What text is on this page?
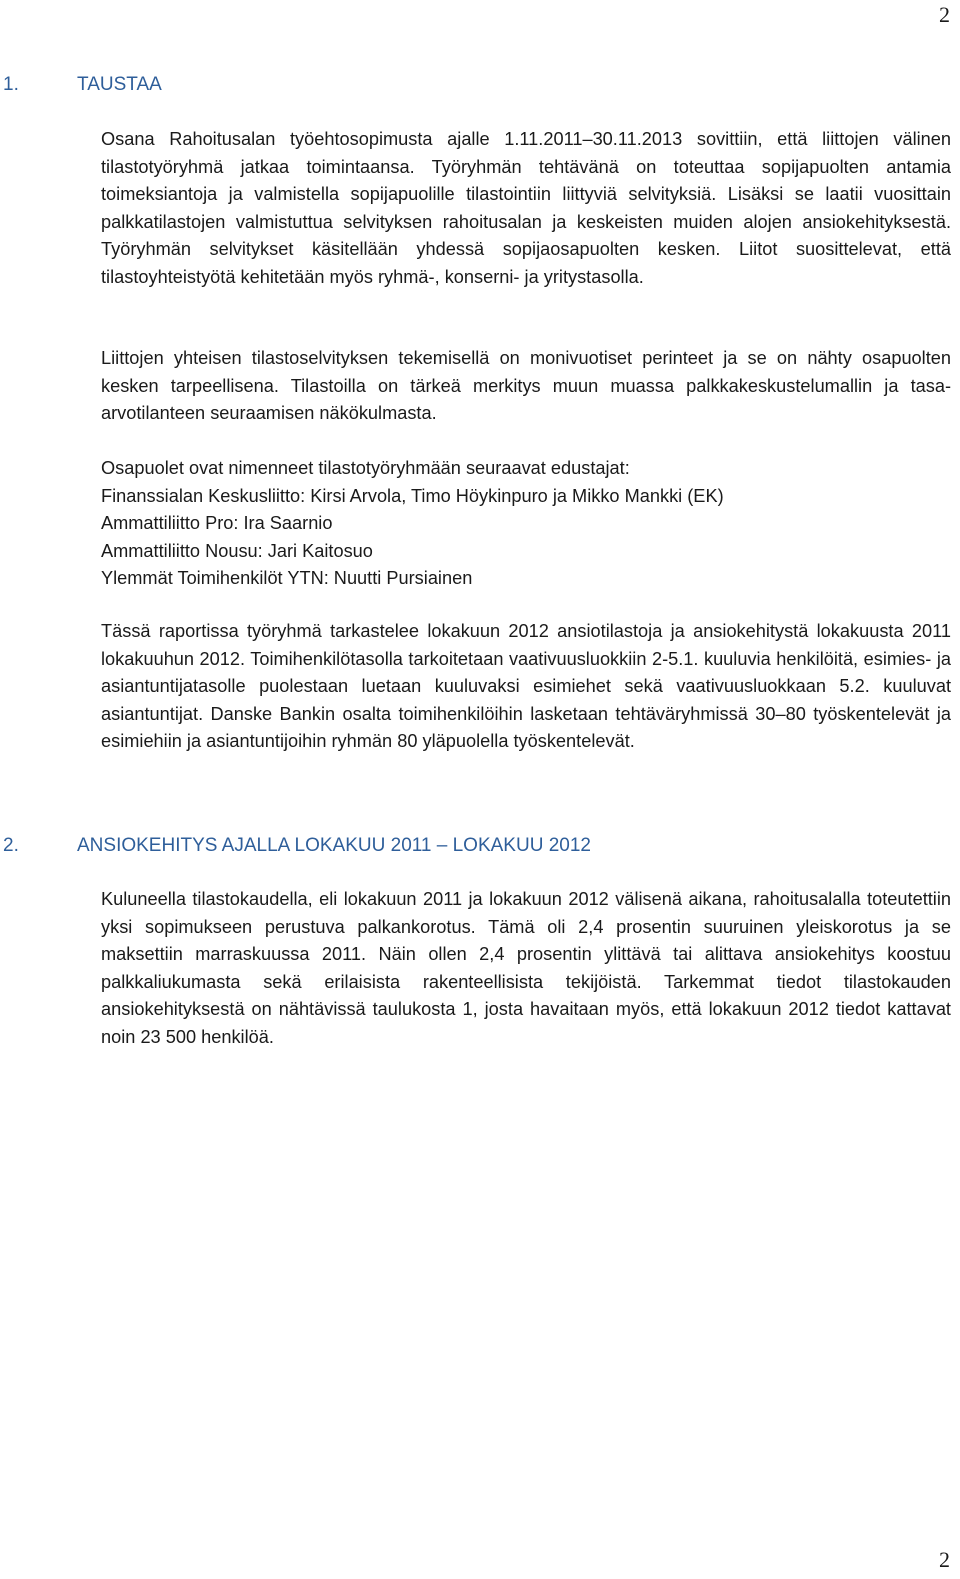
2
1.	TAUSTAA

Osana Rahoitusalan työehtosopimusta ajalle 1.11.2011–30.11.2013 sovittiin, että liittojen välinen tilastotyöryhmä jatkaa toimintaansa. Työryhmän tehtävänä on toteuttaa sopijapuolten antamia toimeksiantoja ja valmistella sopijapuolille tilastointiin liittyviä selvityksiä. Lisäksi se laatii vuosittain palkkatilastojen valmistuttua selvityksen rahoitusalan ja keskeisten muiden alojen ansiokehityksestä. Työryhmän selvitykset käsitellään yhdessä sopijaosapuolten kesken. Liitot suosittelevat, että tilastoyhteistyötä kehitetään myös ryhmä-, konserni- ja yritystasolla.

Liittojen yhteisen tilastoselvityksen tekemisellä on monivuotiset perinteet ja se on nähty osapuolten kesken tarpeellisena. Tilastoilla on tärkeä merkitys muun muassa palkkakeskustelumallin ja tasa-arvotilanteen seuraamisen näkökulmasta.

Osapuolet ovat nimenneet tilastotyöryhmään seuraavat edustajat:
Finanssialan Keskusliitto: Kirsi Arvola, Timo Höykinpuro ja Mikko Mankki (EK)
Ammattiliitto Pro: Ira Saarnio
Ammattiliitto Nousu: Jari Kaitosuo
Ylemmät Toimihenkilöt YTN: Nuutti Pursiainen

Tässä raportissa työryhmä tarkastelee lokakuun 2012 ansiotilastoja ja ansiokehitystä lokakuusta 2011 lokakuuhun 2012. Toimihenkilötasolla tarkoitetaan vaativuusluokkiin 2-5.1. kuuluvia henkilöitä, esimies- ja asiantuntijatasolle puolestaan luetaan kuuluvaksi esimiehet sekä vaativuusluokkaan 5.2. kuuluvat asiantuntijat. Danske Bankin osalta toimihenkilöihin lasketaan tehtäväryhmissä 30–80 työskentelevät ja esimiehiin ja asiantuntijoihin ryhmän 80 yläpuolella työskentelevät.

2.	ANSIOKEHITYS AJALLA LOKAKUU 2011 – LOKAKUU 2012

Kuluneella tilastokaudella, eli lokakuun 2011 ja lokakuun 2012 välisenä aikana, rahoitusalalla toteutettiin yksi sopimukseen perustuva palkankorotus. Tämä oli 2,4 prosentin suuruinen yleiskorotus ja se maksettiin marraskuussa 2011. Näin ollen 2,4 prosentin ylittävä tai alittava ansiokehitys koostuu palkkaliukumasta sekä erilaisista rakenteellisista tekijöistä. Tarkemmat tiedot tilastokauden ansiokehityksestä on nähtävissä taulukosta 1, josta havaitaan myös, että lokakuun 2012 tiedot kattavat noin 23 500 henkilöä.

2
